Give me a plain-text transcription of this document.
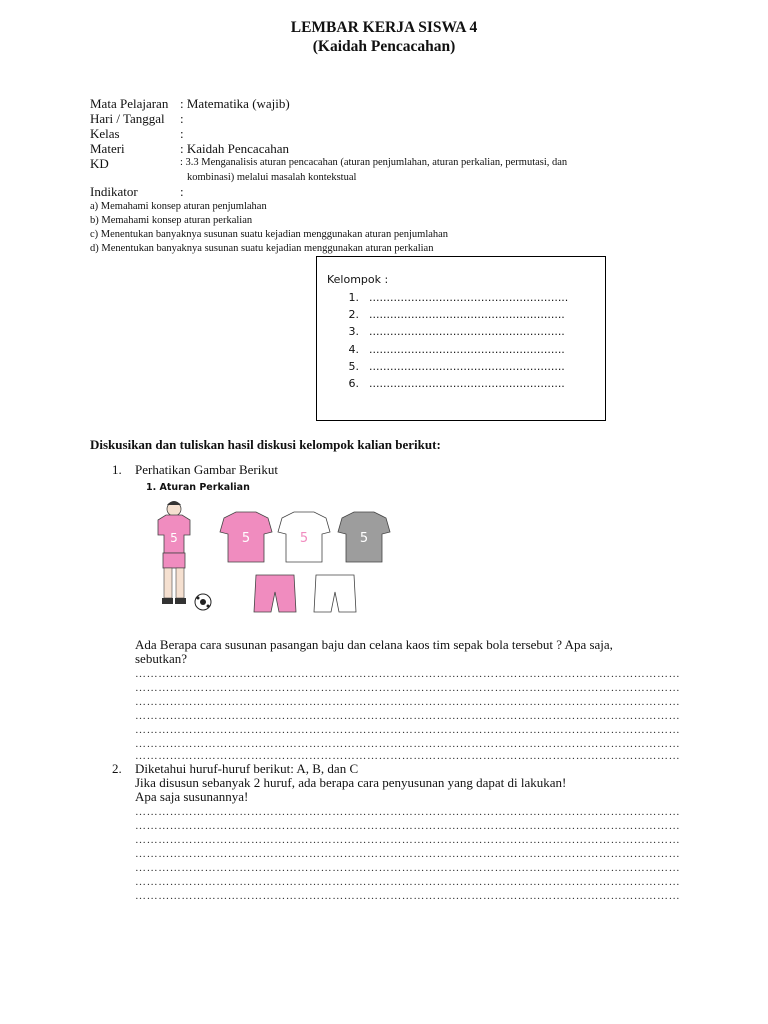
LEMBAR KERJA SISWA 4
(Kaidah Pencacahan)
Mata Pelajaran : Matematika (wajib)
Hari / Tanggal	:
Kelas	:
Materi	: Kaidah Pencacahan
KD	: 3.3 Menganalisis aturan pencacahan (aturan penjumlahan, aturan perkalian, permutasi, dan
kombinasi) melalui masalah kontekstual
Indikator	:
a) Memahami konsep aturan penjumlahan
b) Memahami konsep aturan perkalian
c) Menentukan banyaknya susunan suatu kejadian menggunakan aturan penjumlahan
d) Menentukan banyaknya susunan suatu kejadian menggunakan aturan perkalian
Kelompok :
1. .........................................................
2. ........................................................
3. ........................................................
4. ........................................................
5. ........................................................
6. ........................................................
Diskusikan dan tuliskan hasil diskusi kelompok kalian berikut:
1. Perhatikan Gambar Berikut
1. Aturan Perkalian
5	5	5	5
Ada Berapa cara susunan pasangan baju dan celana kaos tim sepak bola tersebut ? Apa saja,
sebutkan?
……………………………………………………………………………………………………………………………
……………………………………………………………………………………………………………………………
……………………………………………………………………………………………………………………………
……………………………………………………………………………………………………………………………
……………………………………………………………………………………………………………………………
……………………………………………………………………………………………………………………………
……………………………………………………………………………………………………………………………
2. Diketahui huruf-huruf berikut: A, B, dan C
Jika disusun sebanyak 2 huruf, ada berapa cara penyusunan yang dapat di lakukan!
Apa saja susunannya!
……………………………………………………………………………………………………………………………
……………………………………………………………………………………………………………………………
……………………………………………………………………………………………………………………………
……………………………………………………………………………………………………………………………
……………………………………………………………………………………………………………………………
……………………………………………………………………………………………………………………………
……………………………………………………………………………………………………………………………
